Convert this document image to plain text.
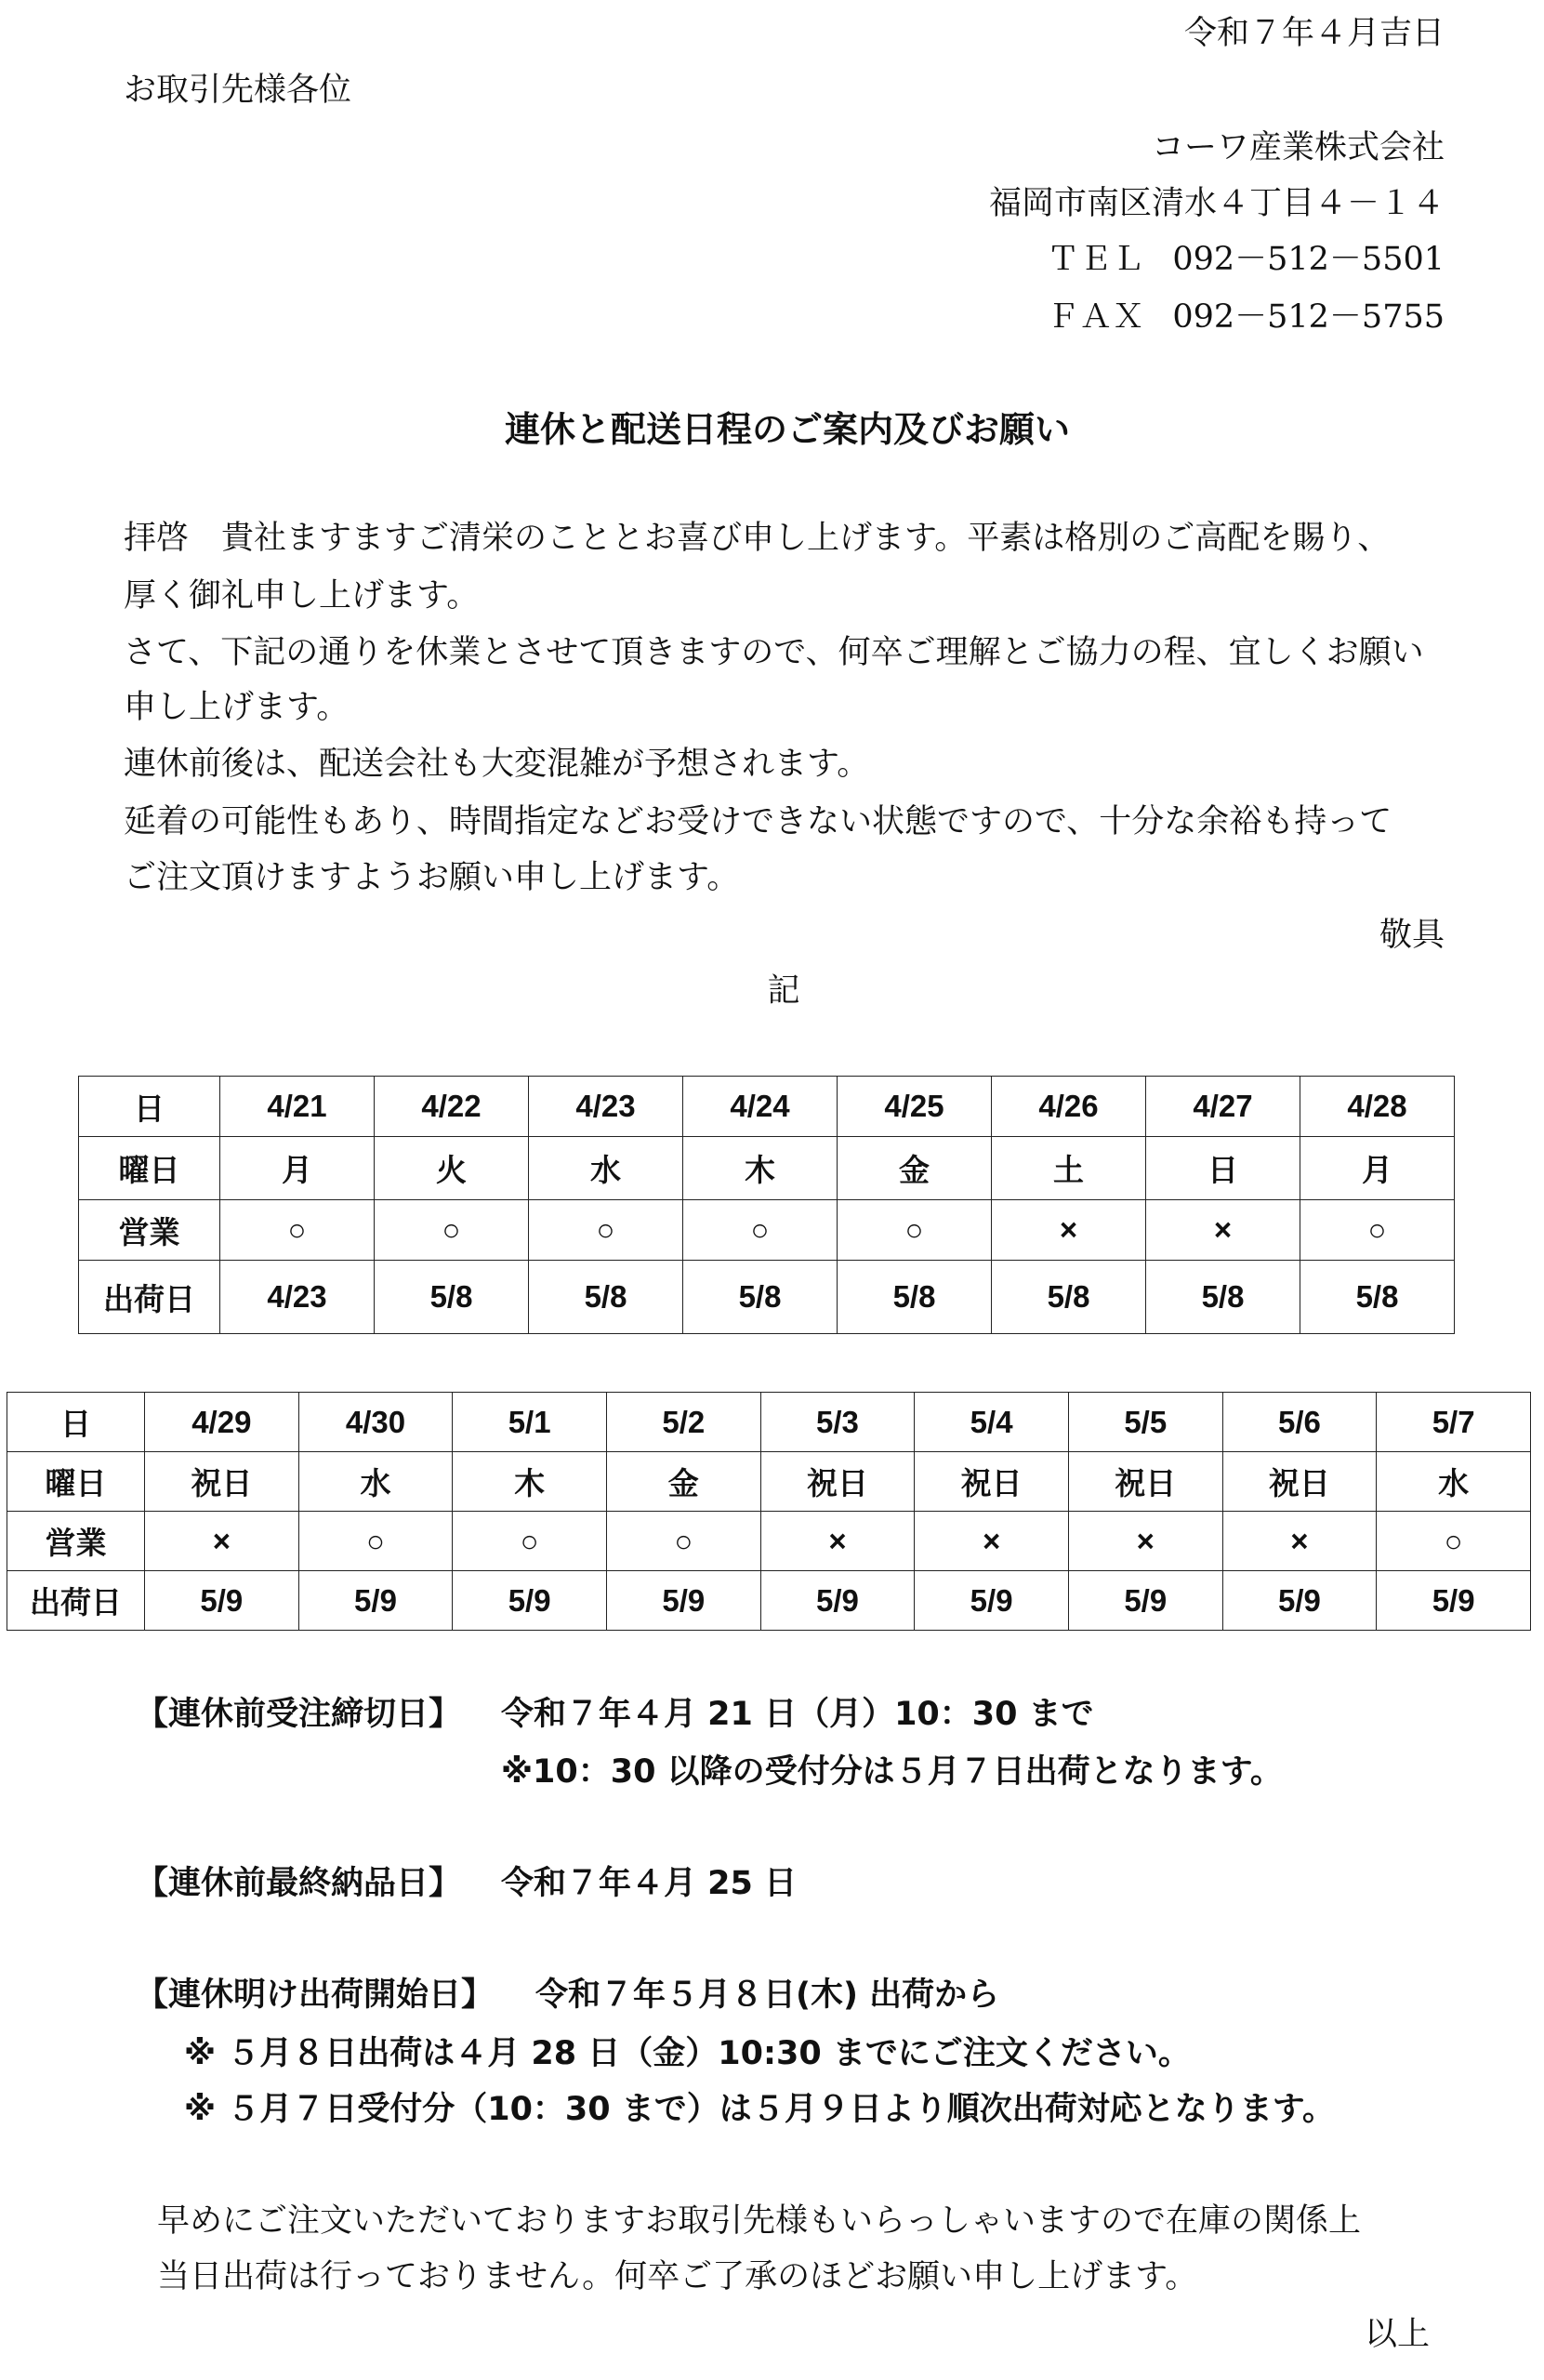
令和７年４月吉日

お取引先様各位

コーワ産業株式会社

福岡市南区清水４丁目４－１４

ＴＥＬ 092－512－5501

ＦＡＸ 092－512－5755

連休と配送日程のご案内及びお願い

拝啓　貴社ますますご清栄のこととお喜び申し上げます。平素は格別のご高配を賜り、

厚く御礼申し上げます。

さて、下記の通りを休業とさせて頂きますので、何卒ご理解とご協力の程、宜しくお願い

申し上げます。

連休前後は、配送会社も大変混雑が予想されます。

延着の可能性もあり、時間指定などお受けできない状態ですので、十分な余裕も持って

ご注文頂けますようお願い申し上げます。

敬具

記

日	4/21	4/22	4/23	4/24	4/25	4/26	4/27	4/28
曜日	月	火	水	木	金	土	日	月
営業	○	○	○	○	○	×	×	○
出荷日	4/23	5/8	5/8	5/8	5/8	5/8	5/8	5/8
日	4/29	4/30	5/1	5/2	5/3	5/4	5/5	5/6	5/7
曜日	祝日	水	木	金	祝日	祝日	祝日	祝日	水
営業	×	○	○	○	×	×	×	×	○
出荷日	5/9	5/9	5/9	5/9	5/9	5/9	5/9	5/9	5/9

【連休前受注締切日】 令和７年４月 21 日（月）10：30 まで

※10：30 以降の受付分は５月７日出荷となります。

【連休前最終納品日】 令和７年４月 25 日

【連休明け出荷開始日】 令和７年５月８日(木) 出荷から

※ ５月８日出荷は４月 28 日（金）10:30 までにご注文ください。

※ ５月７日受付分（10：30 まで）は５月９日より順次出荷対応となります。

早めにご注文いただいておりますお取引先様もいらっしゃいますので在庫の関係上

当日出荷は行っておりません。何卒ご了承のほどお願い申し上げます。

以上
